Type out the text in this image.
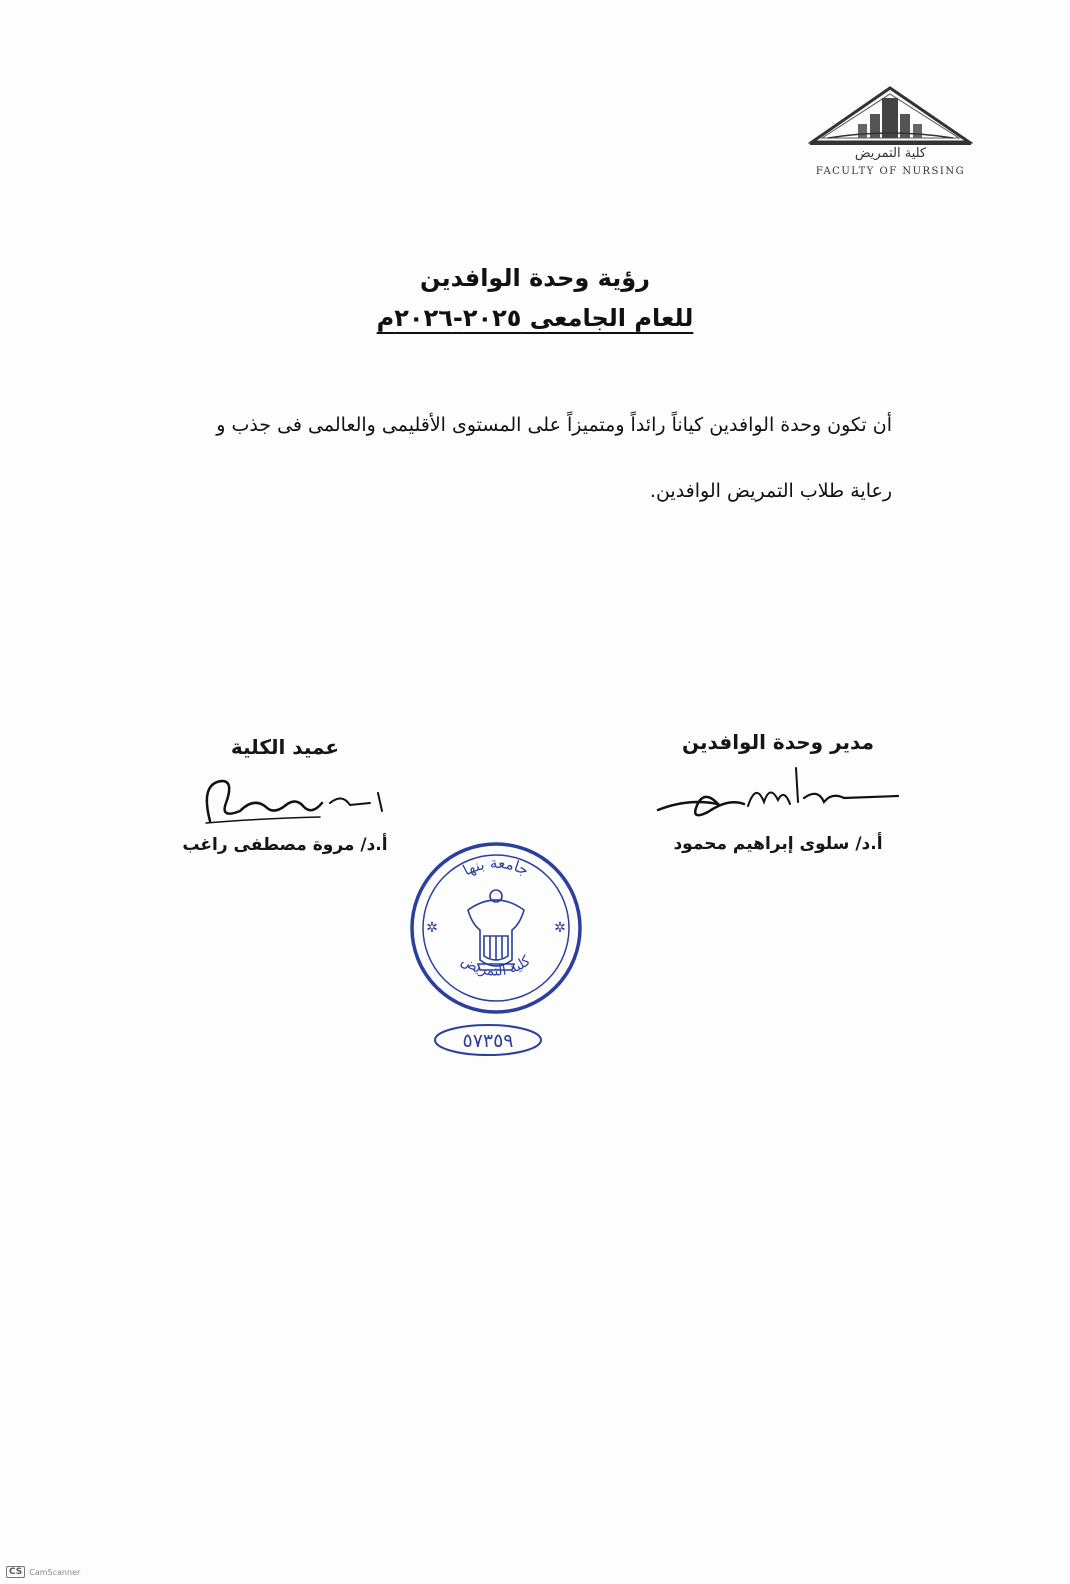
كلية التمريض
FACULTY OF NURSING
رؤية وحدة الوافدين
للعام الجامعى ٢٠٢٥-٢٠٢٦م
أن تكون وحدة الوافدين كياناً رائداً ومتميزاً على المستوى الأقليمى والعالمى فى جذب و رعاية طلاب التمريض الوافدين.
مدير وحدة الوافدين
أ.د/ سلوى إبراهيم محمود
عميد الكلية
أ.د/ مروة مصطفى راغب
جامعة بنها
كلية التمريض
✲	✲
٥٧٣٥٩
CS CamScanner
